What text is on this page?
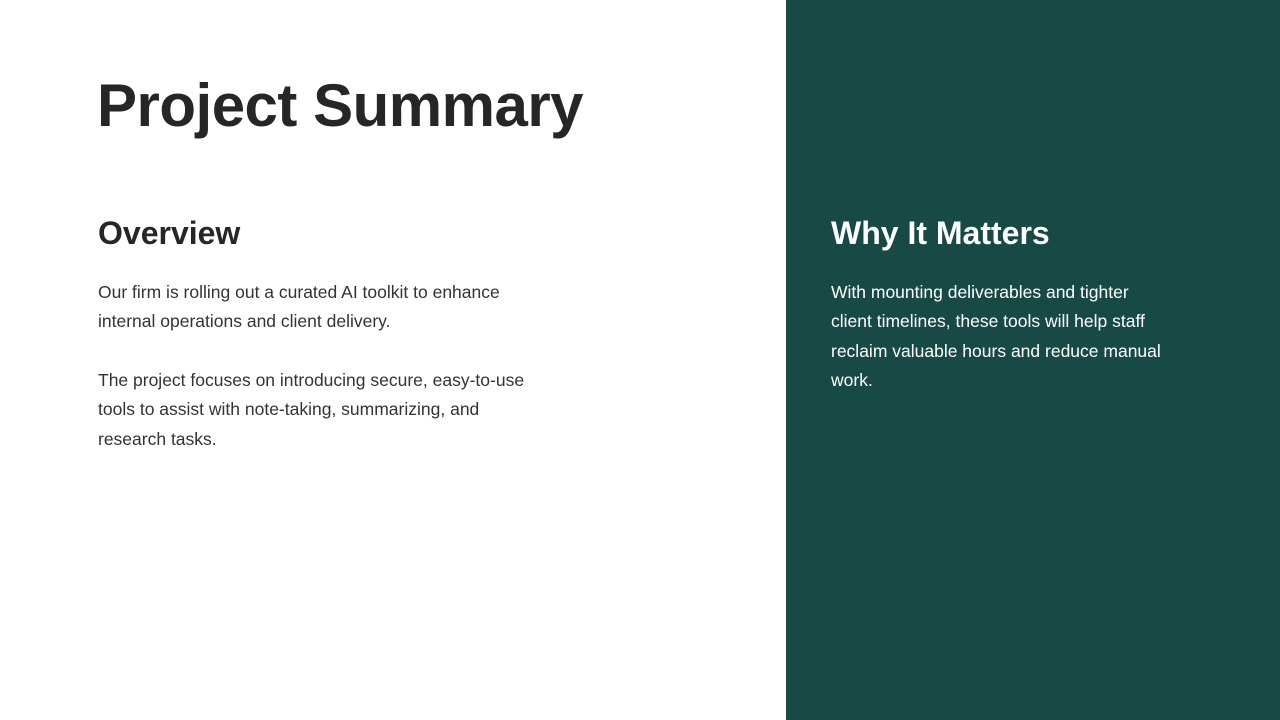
Project Summary
Overview

Our firm is rolling out a curated AI toolkit to enhance internal operations and client delivery.

The project focuses on introducing secure, easy-to-use tools to assist with note-taking, summarizing, and research tasks.

Why It Matters

With mounting deliverables and tighter client timelines, these tools will help staff reclaim valuable hours and reduce manual work.
